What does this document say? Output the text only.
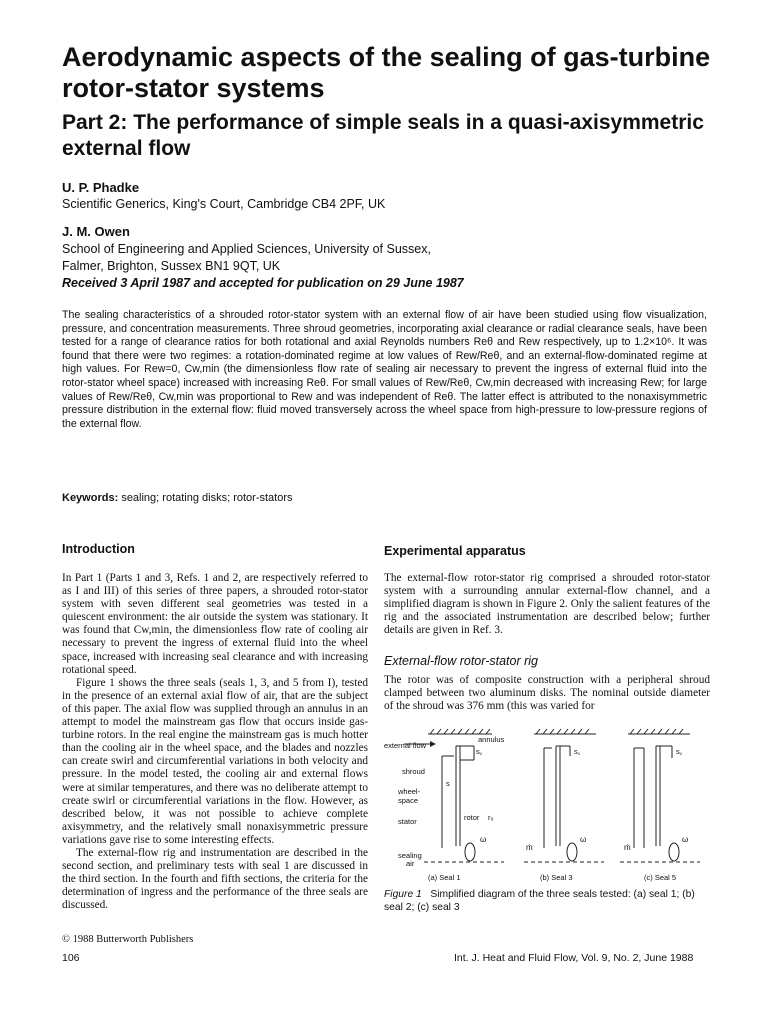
Aerodynamic aspects of the sealing of gas-turbine rotor-stator systems
Part 2: The performance of simple seals in a quasi-axisymmetric external flow
U. P. Phadke
Scientific Generics, King's Court, Cambridge CB4 2PF, UK
J. M. Owen
School of Engineering and Applied Sciences, University of Sussex,
Falmer, Brighton, Sussex BN1 9QT, UK
Received 3 April 1987 and accepted for publication on 29 June 1987
The sealing characteristics of a shrouded rotor-stator system with an external flow of air have been studied using flow visualization, pressure, and concentration measurements. Three shroud geometries, incorporating axial clearance or radial clearance seals, have been tested for a range of clearance ratios for both rotational and axial Reynolds numbers Reθ and Rew respectively, up to 1.2×10⁶. It was found that there were two regimes: a rotation-dominated regime at low values of Rew/Reθ, and an external-flow-dominated regime at high values. For Rew=0, Cw,min (the dimensionless flow rate of sealing air necessary to prevent the ingress of external fluid into the rotor-stator wheel space) increased with increasing Reθ. For small values of Rew/Reθ, Cw,min decreased with increasing Rew; for large values of Rew/Reθ, Cw,min was proportional to Rew and was independent of Reθ. The latter effect is attributed to the nonaxisymmetric pressure distribution in the external flow: fluid moved transversely across the wheel space from high-pressure to low-pressure regions of the external flow.
Keywords: sealing; rotating disks; rotor-stators
Introduction

In Part 1 (Parts 1 and 3, Refs. 1 and 2, are respectively referred to as I and III) of this series of three papers, a shrouded rotor-stator system with seven different seal geometries was tested in a quiescent environment: the air outside the system was stationary. It was found that Cw,min, the dimensionless flow rate of cooling air necessary to prevent the ingress of external fluid into the wheel space, increased with increasing seal clearance and with increasing rotational speed.

Figure 1 shows the three seals (seals 1, 3, and 5 from I), tested in the presence of an external axial flow of air, that are the subject of this paper. The axial flow was supplied through an annulus in an attempt to model the mainstream gas flow that occurs inside gas-turbine rotors. In the real engine the mainstream gas is much hotter than the cooling air in the wheel space, and the blades and nozzles can create swirl and circumferential variations in both velocity and pressure. In the model tested, the cooling air and external flows were at similar temperatures, and there was no deliberate attempt to create swirl or circumferential variations in the flow. However, as described below, it was not possible to achieve complete axisymmetry, and the relatively small nonaxisymmetric pressure variations gave rise to some interesting effects.

The external-flow rig and instrumentation are described in the second section, and preliminary tests with seal 1 are discussed in the third section. In the fourth and fifth sections, the criteria for the determination of ingress and the performance of the three seals are discussed.

Experimental apparatus

The external-flow rotor-stator rig comprised a shrouded rotor-stator system with a surrounding annular external-flow channel, and a simplified diagram is shown in Figure 2. Only the salient features of the rig and the associated instrumentation are described below; further details are given in Ref. 3.

External-flow rotor-stator rig

The rotor was of composite construction with a peripheral shroud clamped between two aluminum disks. The nominal outside diameter of the shroud was 376 mm (this was varied for

external flow
annulus
s꜀
shroud
s
wheel-
space
stator	rotor r₀
sealing
air
ω
s꜀
ṁ
ω
s꜀
ṁ
ω
(a) Seal 1	(b) Seal 3	(c) Seal 5
Figure 1 Simplified diagram of the three seals tested: (a) seal 1; (b) seal 2; (c) seal 3
© 1988 Butterworth Publishers
106	Int. J. Heat and Fluid Flow, Vol. 9, No. 2, June 1988
